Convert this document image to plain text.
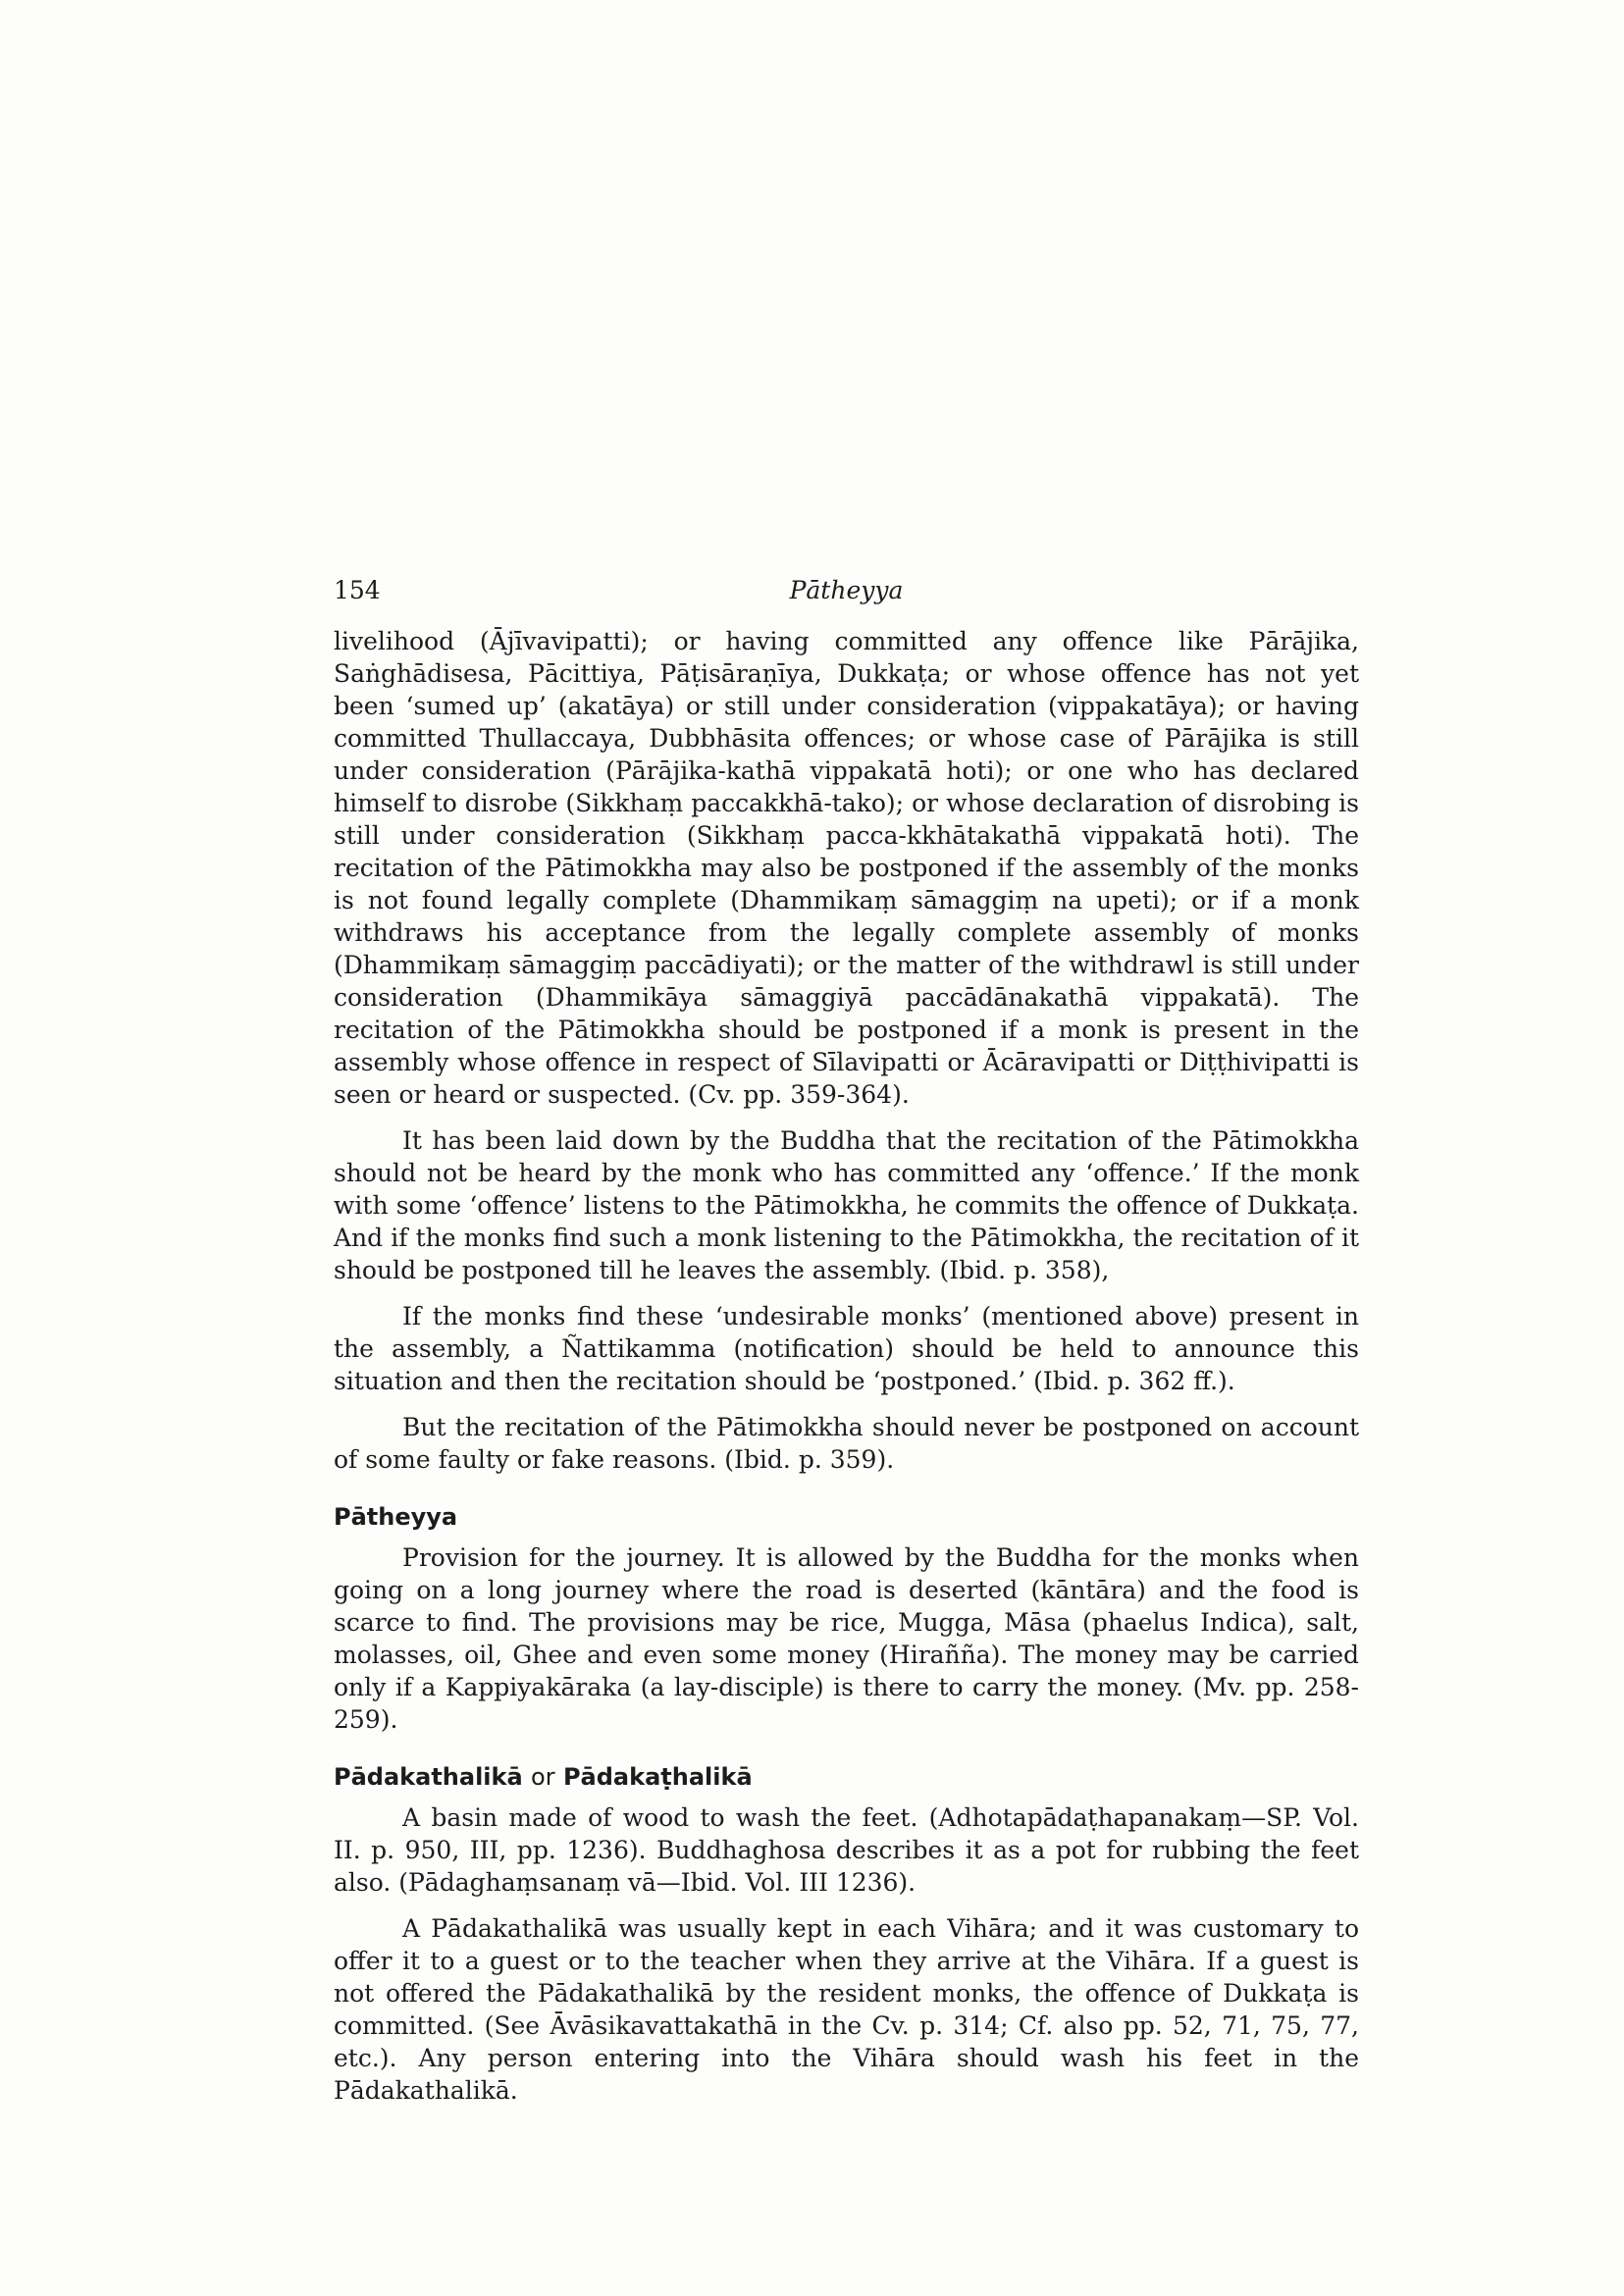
154	Pātheyya

livelihood (Ājīvavipatti); or having committed any offence like Pārājika, Saṅghādisesa, Pācittiya, Pāṭisāraṇīya, Dukkaṭa; or whose offence has not yet been ‘sumed up’ (akatāya) or still under consideration (vippakatāya); or having committed Thullaccaya, Dubbhāsita offences; or whose case of Pārājika is still under consideration (Pārājika-kathā vippakatā hoti); or one who has declared himself to disrobe (Sikkhaṃ paccakkhā-tako); or whose declaration of disrobing is still under consideration (Sikkhaṃ pacca-kkhātakathā vippakatā hoti). The recitation of the Pātimokkha may also be postponed if the assembly of the monks is not found legally complete (Dhammikaṃ sāmaggiṃ na upeti); or if a monk withdraws his acceptance from the legally complete assembly of monks (Dhammikaṃ sāmaggiṃ paccādiyati); or the matter of the withdrawl is still under consideration (Dhammikāya sāmaggiyā paccādānakathā vippakatā). The recitation of the Pātimokkha should be postponed if a monk is present in the assembly whose offence in respect of Sīlavipatti or Ācāravipatti or Diṭṭhivipatti is seen or heard or suspected. (Cv. pp. 359-364).

It has been laid down by the Buddha that the recitation of the Pātimokkha should not be heard by the monk who has committed any ‘offence.’ If the monk with some ‘offence’ listens to the Pātimokkha, he commits the offence of Dukkaṭa. And if the monks find such a monk listening to the Pātimokkha, the recitation of it should be postponed till he leaves the assembly. (Ibid. p. 358),

If the monks find these ‘undesirable monks’ (mentioned above) present in the assembly, a Ñattikamma (notification) should be held to announce this situation and then the recitation should be ‘postponed.’ (Ibid. p. 362 ff.).

But the recitation of the Pātimokkha should never be postponed on account of some faulty or fake reasons. (Ibid. p. 359).

Pātheyya

Provision for the journey. It is allowed by the Buddha for the monks when going on a long journey where the road is deserted (kāntāra) and the food is scarce to find. The provisions may be rice, Mugga, Māsa (phaelus Indica), salt, molasses, oil, Ghee and even some money (Hiraññа). The money may be carried only if a Kappiyakāraka (a lay-disciple) is there to carry the money. (Mv. pp. 258-259).

Pādakathalikā or Pādakaṭhalikā

A basin made of wood to wash the feet. (Adhotapādaṭhapanakaṃ—SP. Vol. II. p. 950, III, pp. 1236). Buddhaghosa describes it as a pot for rubbing the feet also. (Pādaghaṃsanaṃ vā—Ibid. Vol. III 1236).

A Pādakathalikā was usually kept in each Vihāra; and it was customary to offer it to a guest or to the teacher when they arrive at the Vihāra. If a guest is not offered the Pādakathalikā by the resident monks, the offence of Dukkaṭa is committed. (See Āvāsikavattakathā in the Cv. p. 314; Cf. also pp. 52, 71, 75, 77, etc.). Any person entering into the Vihāra should wash his feet in the Pādakathalikā.
